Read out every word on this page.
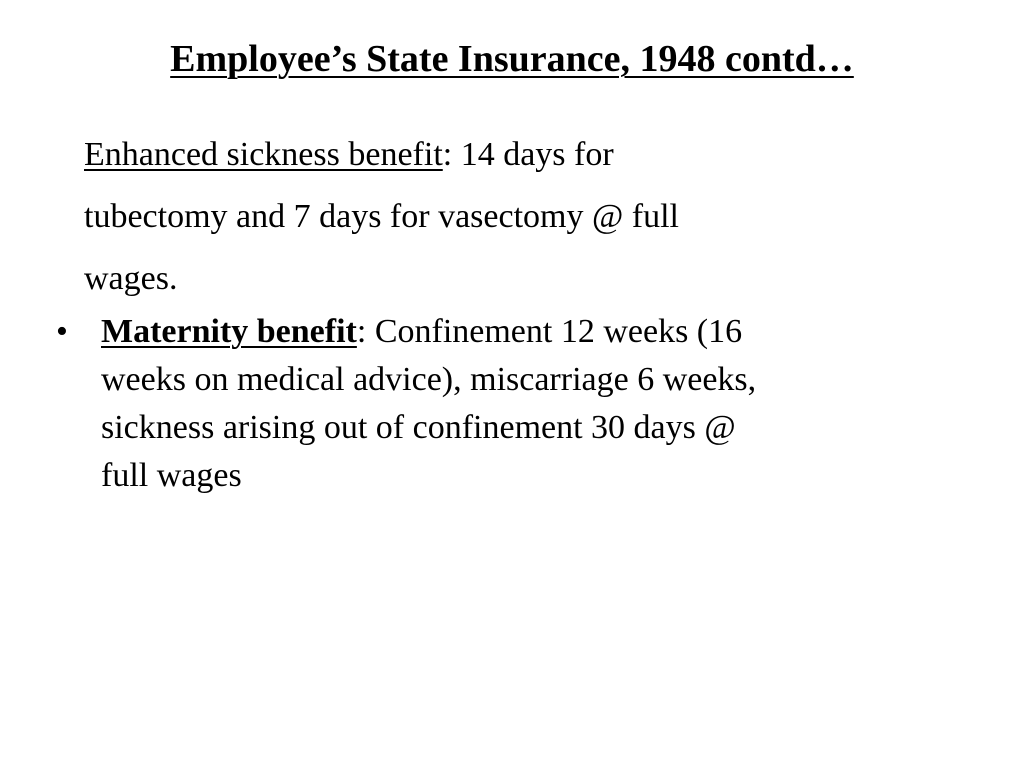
Employee’s State Insurance, 1948 contd…
Enhanced sickness benefit: 14 days for
tubectomy and 7 days for vasectomy @ full
wages.
• Maternity benefit: Confinement 12 weeks (16
weeks on medical advice), miscarriage 6 weeks,
sickness arising out of confinement 30 days @
full wages
